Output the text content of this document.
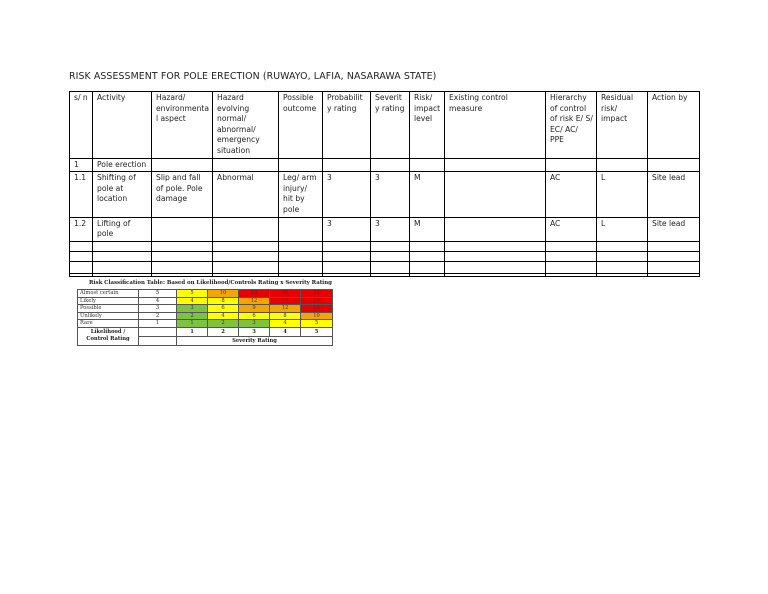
RISK ASSESSMENT FOR POLE ERECTION (RUWAYO, LAFIA, NASARAWA STATE)
s/ n	Activity	Hazard/ environmental aspect	Hazard evolving normal/ abnormal/ emergency situation	Possible outcome	Probability rating	Severity rating	Risk/ impact level	Existing control measure	Hierarchy of control of risk E/ S/ EC/ AC/ PPE	Residual risk/ impact	Action by
1	Pole erection										
1.1	Shifting of pole at location	Slip and fall of pole. Pole damage	Abnormal	Leg/ arm injury/ hit by pole	3	3	M		AC	L	Site lead
1.2	Lifting of pole				3	3	M		AC	L	Site lead

Risk Classification Table: Based on Likelihood/Controls Rating x Severity Rating
Almost certain	5	5	10	15	20	25
Likely	4	4	8	12	16	20
Possible	3	3	6	9	12	15
Unlikely	2	2	4	6	8	10
Rare	1	1	2	3	4	5
Likelihood / Control Rating		1	2	3	4	5
		Severity Rating				
